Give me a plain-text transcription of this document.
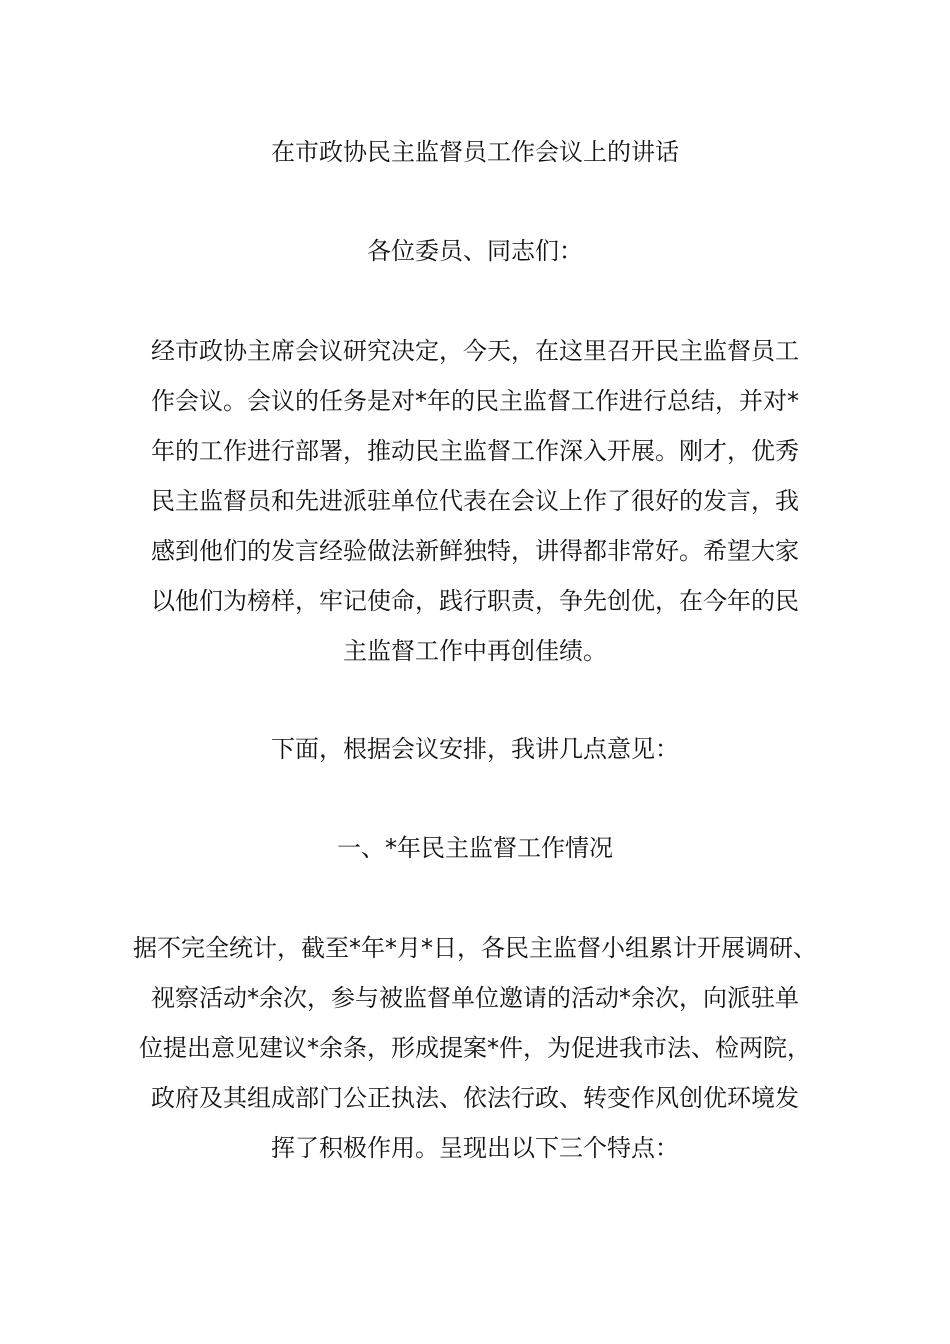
在市政协民主监督员工作会议上的讲话
各位委员、同志们：
经市政协主席会议研究决定，今天，在这里召开民主监督员工
作会议。会议的任务是对*年的民主监督工作进行总结，并对*
年的工作进行部署，推动民主监督工作深入开展。刚才，优秀
民主监督员和先进派驻单位代表在会议上作了很好的发言，我
感到他们的发言经验做法新鲜独特，讲得都非常好。希望大家
以他们为榜样，牢记使命，践行职责，争先创优，在今年的民
主监督工作中再创佳绩。
下面，根据会议安排，我讲几点意见：
一、*年民主监督工作情况
据不完全统计，截至*年*月*日，各民主监督小组累计开展调研、
视察活动*余次，参与被监督单位邀请的活动*余次，向派驻单
位提出意见建议*余条，形成提案*件，为促进我市法、检两院，
政府及其组成部门公正执法、依法行政、转变作风创优环境发
挥了积极作用。呈现出以下三个特点：
